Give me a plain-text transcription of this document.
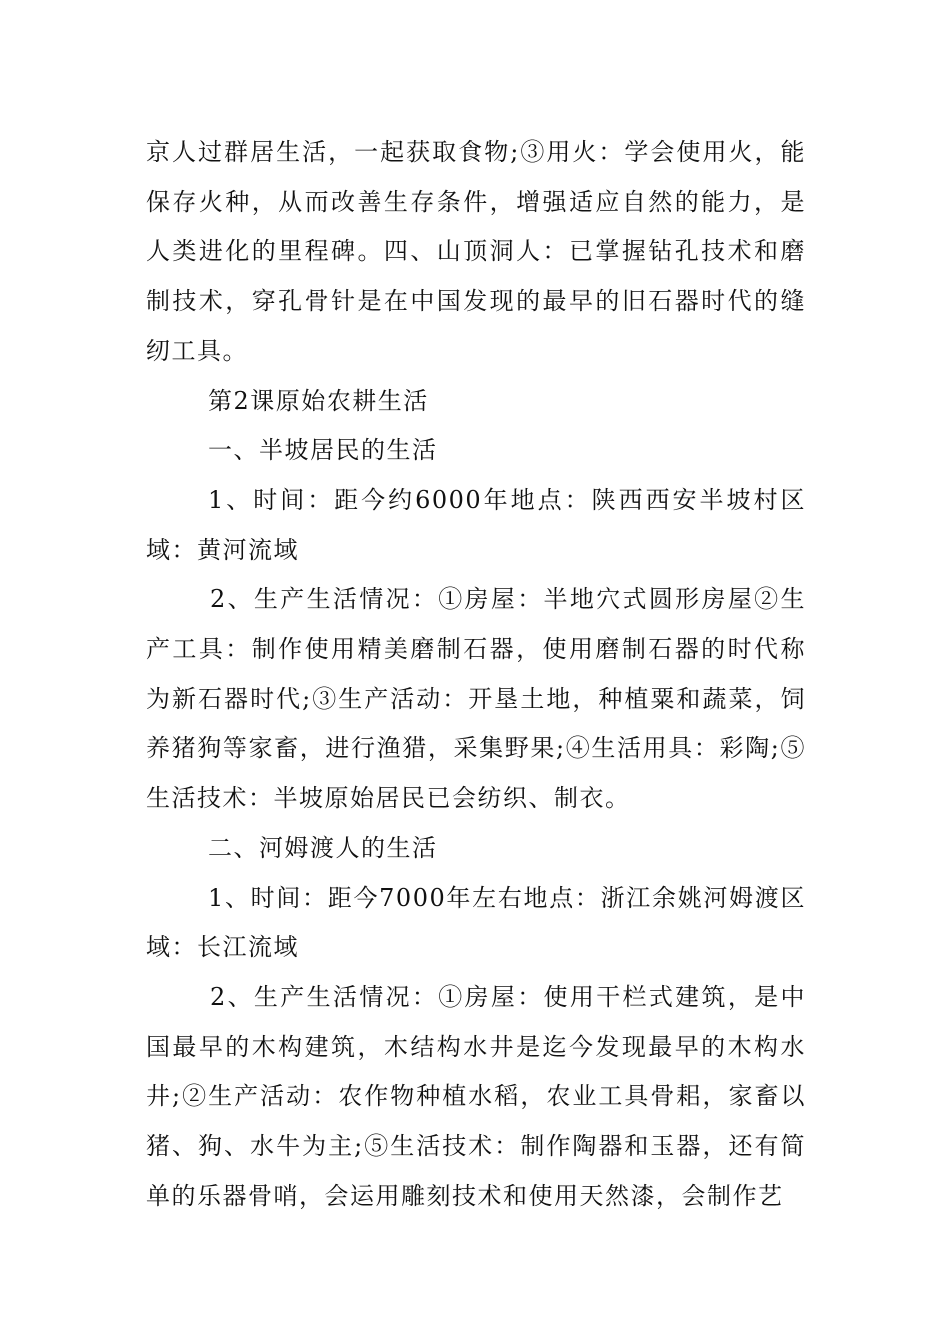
京人过群居生活，一起获取食物;③用火：学会使用火，能保存火种，从而改善生存条件，增强适应自然的能力，是人类进化的里程碑。四、山顶洞人：已掌握钻孔技术和磨制技术，穿孔骨针是在中国发现的最早的旧石器时代的缝纫工具。

第2课原始农耕生活

一、半坡居民的生活

1、时间：距今约6000年地点：陕西西安半坡村区域：黄河流域

2、生产生活情况：①房屋：半地穴式圆形房屋②生产工具：制作使用精美磨制石器，使用磨制石器的时代称为新石器时代;③生产活动：开垦土地，种植粟和蔬菜，饲养猪狗等家畜，进行渔猎，采集野果;④生活用具：彩陶;⑤生活技术：半坡原始居民已会纺织、制衣。

二、河姆渡人的生活

1、时间：距今7000年左右地点：浙江余姚河姆渡区域：长江流域

2、生产生活情况：①房屋：使用干栏式建筑，是中国最早的木构建筑，木结构水井是迄今发现最早的木构水井;②生产活动：农作物种植水稻，农业工具骨耜，家畜以猪、狗、水牛为主;⑤生活技术：制作陶器和玉器，还有简单的乐器骨哨，会运用雕刻技术和使用天然漆，会制作艺
